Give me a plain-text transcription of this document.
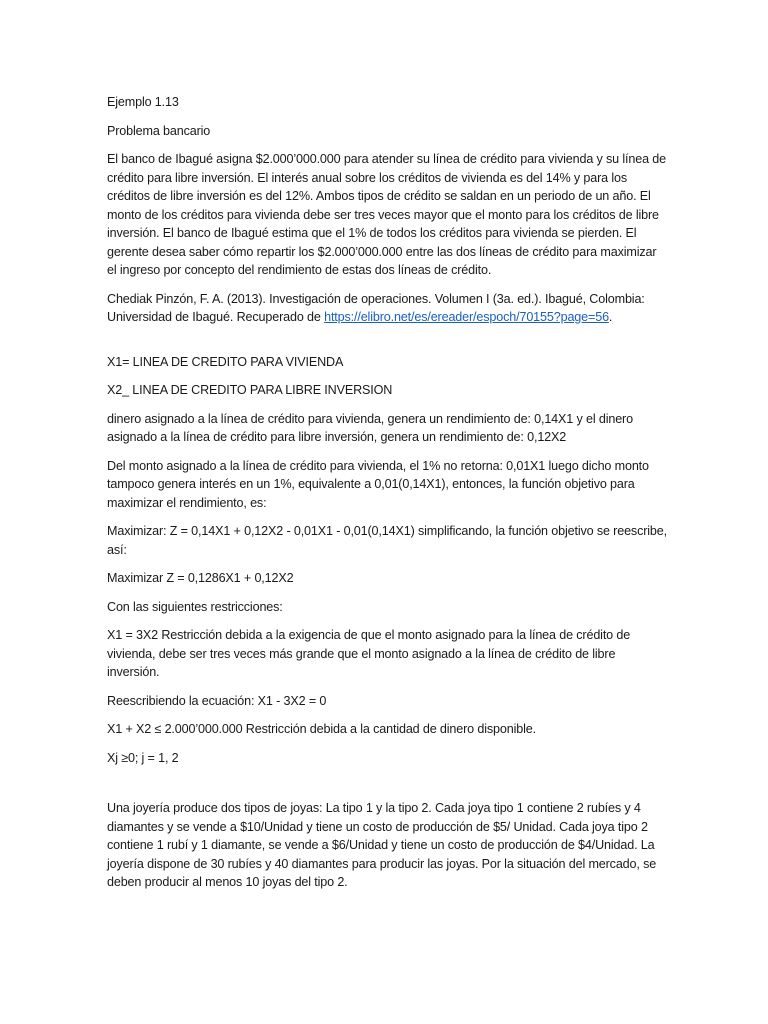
Ejemplo 1.13

Problema bancario

El banco de Ibagué asigna $2.000’000.000 para atender su línea de crédito para vivienda y su línea de crédito para libre inversión. El interés anual sobre los créditos de vivienda es del 14% y para los créditos de libre inversión es del 12%. Ambos tipos de crédito se saldan en un periodo de un año. El monto de los créditos para vivienda debe ser tres veces mayor que el monto para los créditos de libre inversión. El banco de Ibagué estima que el 1% de todos los créditos para vivienda se pierden. El gerente desea saber cómo repartir los $2.000’000.000 entre las dos líneas de crédito para maximizar el ingreso por concepto del rendimiento de estas dos líneas de crédito.

Chediak Pinzón, F. A. (2013). Investigación de operaciones. Volumen I (3a. ed.). Ibagué, Colombia: Universidad de Ibagué. Recuperado de https://elibro.net/es/ereader/espoch/70155?page=56.

X1= LINEA DE CREDITO PARA VIVIENDA

X2_ LINEA DE CREDITO PARA LIBRE INVERSION

dinero asignado a la línea de crédito para vivienda, genera un rendimiento de: 0,14X1 y el dinero asignado a la línea de crédito para libre inversión, genera un rendimiento de: 0,12X2

Del monto asignado a la línea de crédito para vivienda, el 1% no retorna: 0,01X1 luego dicho monto tampoco genera interés en un 1%, equivalente a 0,01(0,14X1), entonces, la función objetivo para maximizar el rendimiento, es:

Maximizar: Z = 0,14X1 + 0,12X2 - 0,01X1 - 0,01(0,14X1) simplificando, la función objetivo se reescribe, así:

Maximizar Z = 0,1286X1 + 0,12X2

Con las siguientes restricciones:

X1 = 3X2 Restricción debida a la exigencia de que el monto asignado para la línea de crédito de vivienda, debe ser tres veces más grande que el monto asignado a la línea de crédito de libre inversión.

Reescribiendo la ecuación: X1 - 3X2 = 0

X1 + X2 ≤ 2.000’000.000 Restricción debida a la cantidad de dinero disponible.

Xj ≥0; j = 1, 2

Una joyería produce dos tipos de joyas: La tipo 1 y la tipo 2. Cada joya tipo 1 contiene 2 rubíes y 4 diamantes y se vende a $10/Unidad y tiene un costo de producción de $5/ Unidad. Cada joya tipo 2 contiene 1 rubí y 1 diamante, se vende a $6/Unidad y tiene un costo de producción de $4/Unidad. La joyería dispone de 30 rubíes y 40 diamantes para producir las joyas. Por la situación del mercado, se deben producir al menos 10 joyas del tipo 2.
